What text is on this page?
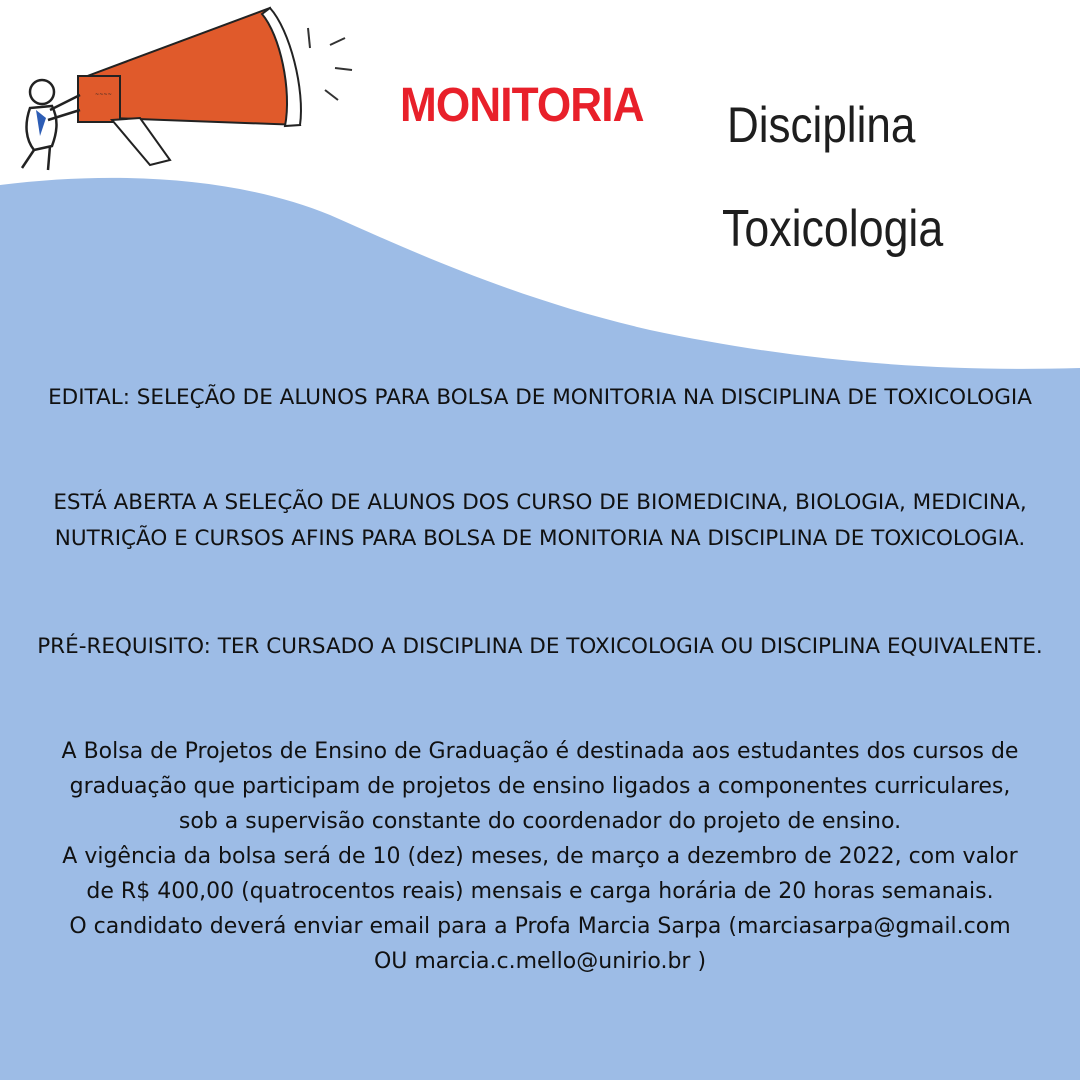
~~~~	MONITORIA Disciplina
Toxicologia
EDITAL: SELEÇÃO DE ALUNOS PARA BOLSA DE MONITORIA NA DISCIPLINA DE TOXICOLOGIA
ESTÁ ABERTA A SELEÇÃO DE ALUNOS DOS CURSO DE BIOMEDICINA, BIOLOGIA, MEDICINA, NUTRIÇÃO E CURSOS AFINS PARA BOLSA DE MONITORIA NA DISCIPLINA DE TOXICOLOGIA.
PRÉ-REQUISITO: TER CURSADO A DISCIPLINA DE TOXICOLOGIA OU DISCIPLINA EQUIVALENTE.
A Bolsa de Projetos de Ensino de Graduação é destinada aos estudantes dos cursos de
graduação que participam de projetos de ensino ligados a componentes curriculares,
sob a supervisão constante do coordenador do projeto de ensino.
A vigência da bolsa será de 10 (dez) meses, de março a dezembro de 2022, com valor
de R$ 400,00 (quatrocentos reais) mensais e carga horária de 20 horas semanais.
O candidato deverá enviar email para a Profa Marcia Sarpa (marciasarpa@gmail.com
OU marcia.c.mello@unirio.br )
